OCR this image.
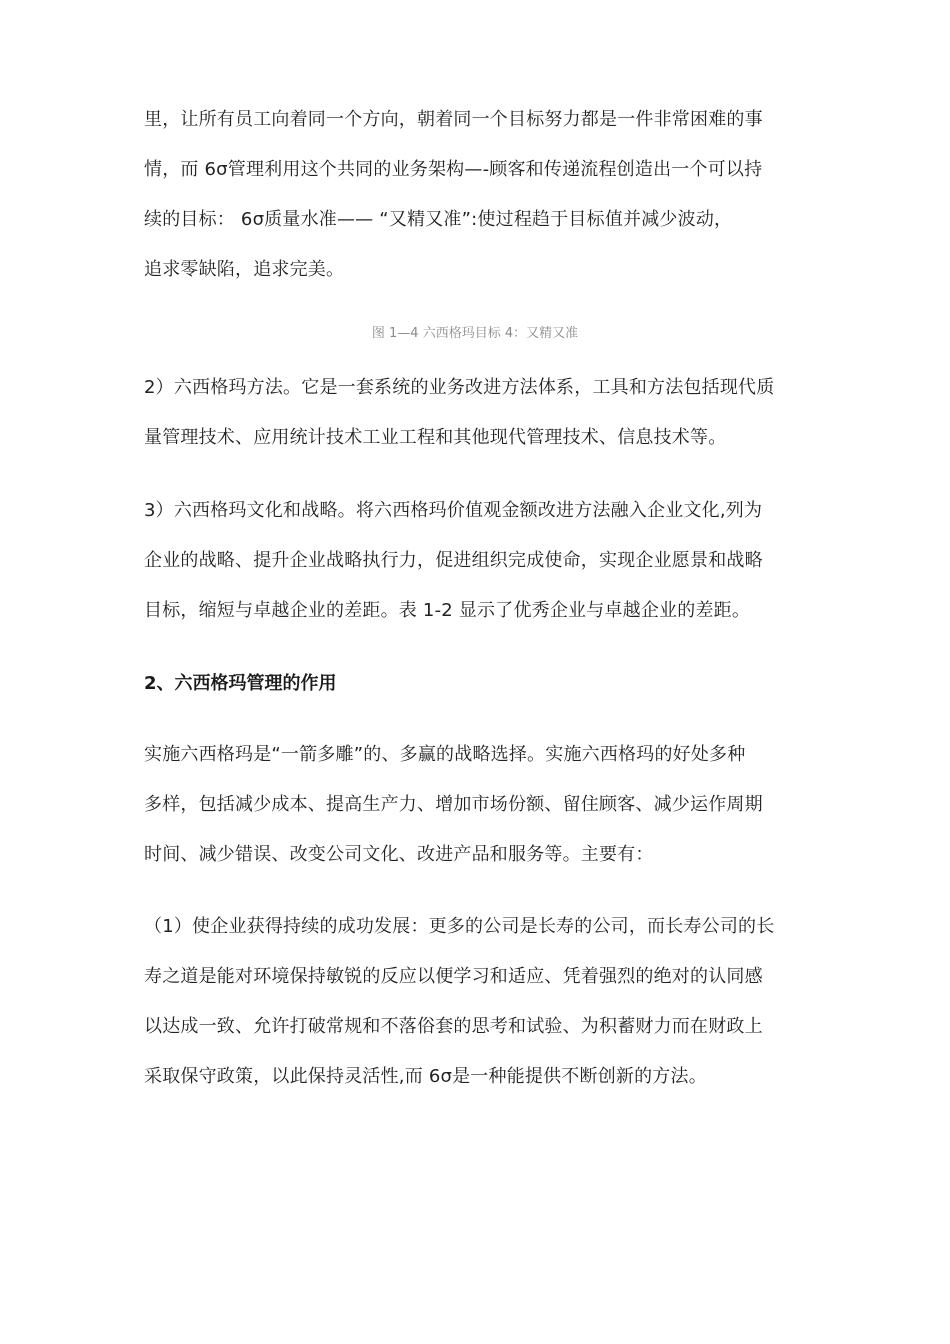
里，让所有员工向着同一个方向，朝着同一个目标努力都是一件非常困难的事
情，而 6σ管理利用这个共同的业务架构—-顾客和传递流程创造出一个可以持
续的目标： 6σ质量水准—— “又精又准”:使过程趋于目标值并减少波动，
追求零缺陷，追求完美。

图 1—4 六西格玛目标 4：又精又准

2）六西格玛方法。它是一套系统的业务改进方法体系，工具和方法包括现代质
量管理技术、应用统计技术工业工程和其他现代管理技术、信息技术等。
3）六西格玛文化和战略。将六西格玛价值观金额改进方法融入企业文化,列为
企业的战略、提升企业战略执行力，促进组织完成使命，实现企业愿景和战略
目标，缩短与卓越企业的差距。表 1-2 显示了优秀企业与卓越企业的差距。
2、六西格玛管理的作用
实施六西格玛是“一箭多雕”的、多赢的战略选择。实施六西格玛的好处多种
多样，包括减少成本、提高生产力、增加市场份额、留住顾客、减少运作周期
时间、减少错误、改变公司文化、改进产品和服务等。主要有：
（1）使企业获得持续的成功发展：更多的公司是长寿的公司，而长寿公司的长
寿之道是能对环境保持敏锐的反应以便学习和适应、凭着强烈的绝对的认同感
以达成一致、允许打破常规和不落俗套的思考和试验、为积蓄财力而在财政上
采取保守政策，以此保持灵活性,而 6σ是一种能提供不断创新的方法。
